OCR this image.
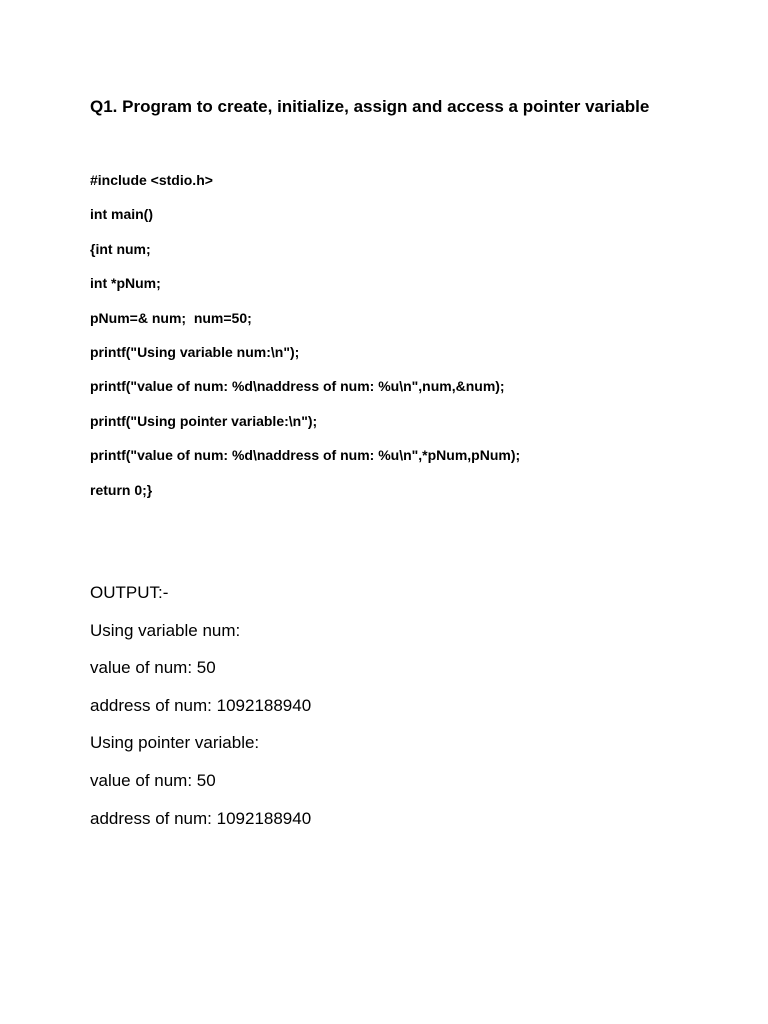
Q1. Program to create, initialize, assign and access a pointer variable
#include <stdio.h>
int main()
{int num;
int *pNum;
pNum=& num;  num=50;
printf("Using variable num:\n");
printf("value of num: %d\naddress of num: %u\n",num,&num);
printf("Using pointer variable:\n");
printf("value of num: %d\naddress of num: %u\n",*pNum,pNum);
return 0;}
OUTPUT:-
Using variable num:
value of num: 50
address of num: 1092188940
Using pointer variable:
value of num: 50
address of num: 1092188940
